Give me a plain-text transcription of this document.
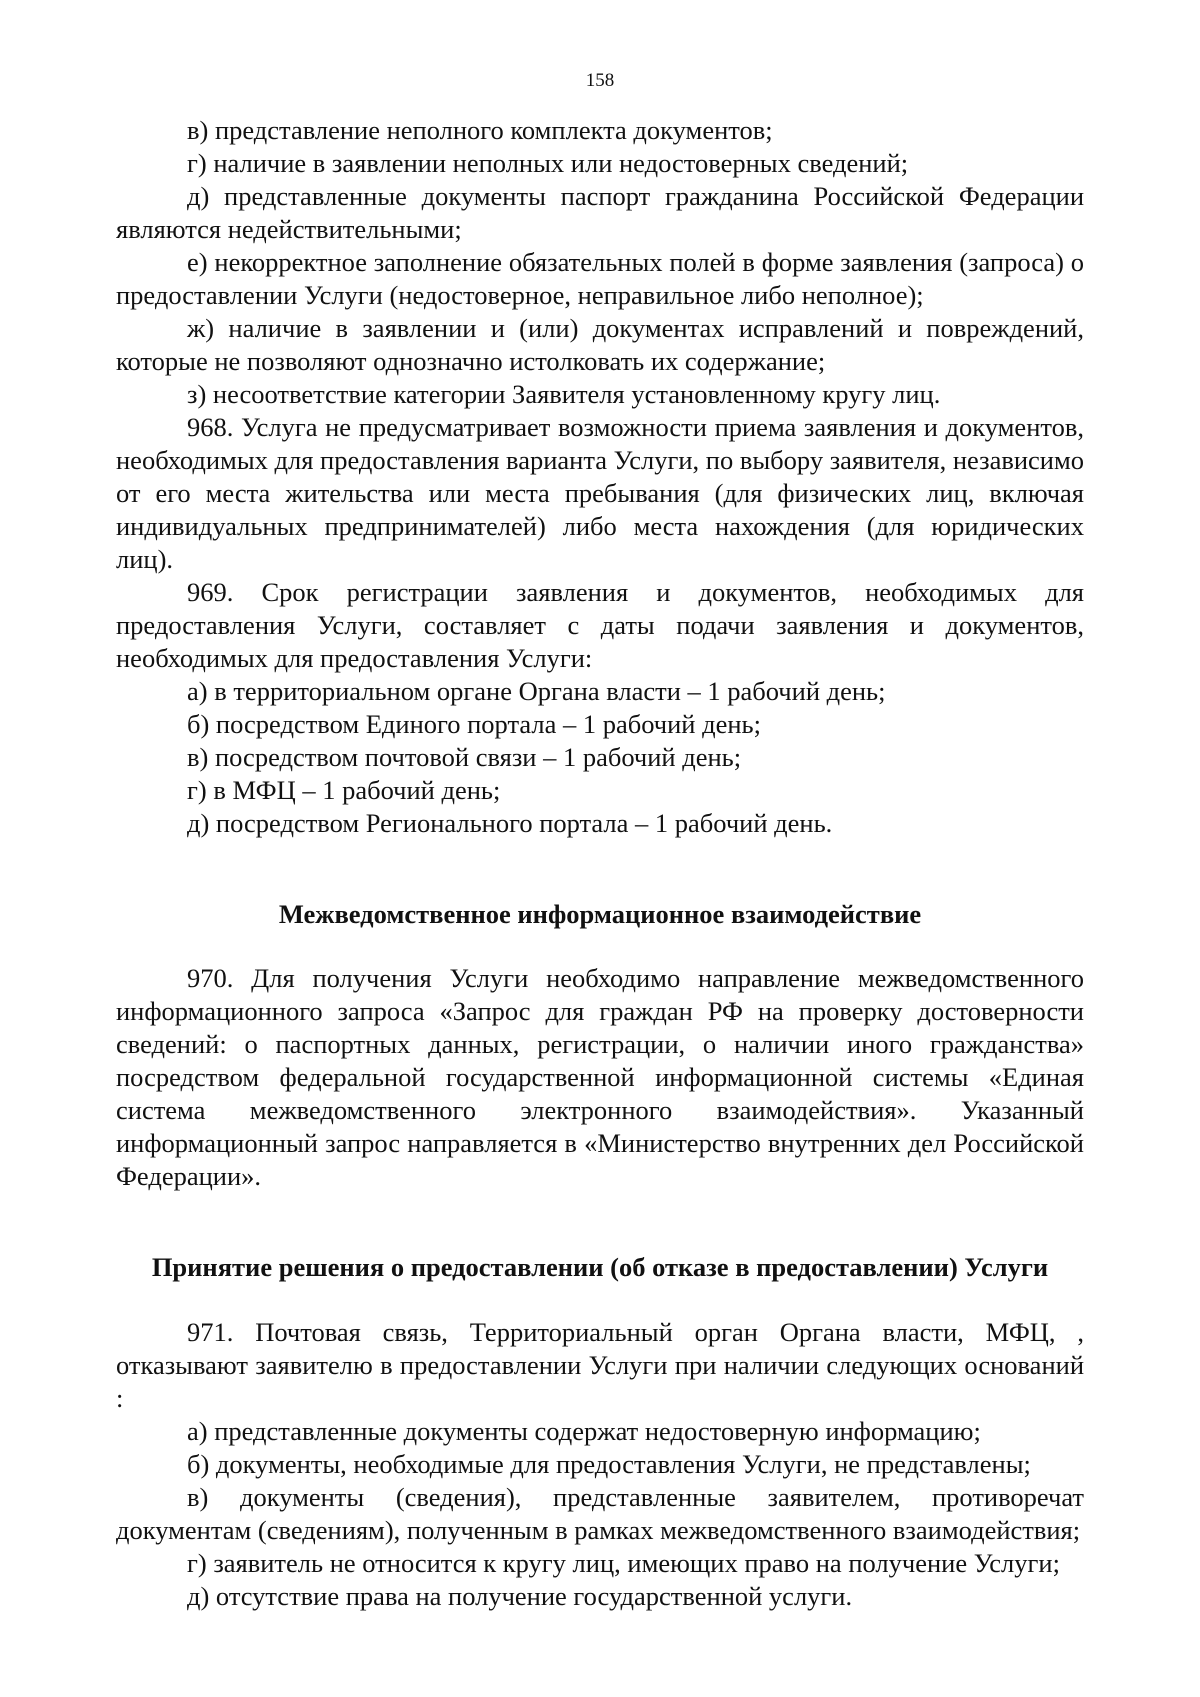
158

в) представление неполного комплекта документов;

г) наличие в заявлении неполных или недостоверных сведений;

д) представленные документы паспорт гражданина Российской Федерации являются недействительными;

е) некорректное заполнение обязательных полей в форме заявления (запроса) о предоставлении Услуги (недостоверное, неправильное либо неполное);

ж) наличие в заявлении и (или) документах исправлений и повреждений, которые не позволяют однозначно истолковать их содержание;

з) несоответствие категории Заявителя установленному кругу лиц.

968. Услуга не предусматривает возможности приема заявления и документов, необходимых для предоставления варианта Услуги, по выбору заявителя, независимо от его места жительства или места пребывания (для физических лиц, включая индивидуальных предпринимателей) либо места нахождения (для юридических лиц).

969. Срок регистрации заявления и документов, необходимых для предоставления Услуги, составляет с даты подачи заявления и документов, необходимых для предоставления Услуги:

а) в территориальном органе Органа власти – 1 рабочий день;

б) посредством Единого портала – 1 рабочий день;

в) посредством почтовой связи – 1 рабочий день;

г) в МФЦ – 1 рабочий день;

д) посредством Регионального портала – 1 рабочий день.

Межведомственное информационное взаимодействие

970. Для получения Услуги необходимо направление межведомственного информационного запроса «Запрос для граждан РФ на проверку достоверности сведений: о паспортных данных, регистрации, о наличии иного гражданства» посредством федеральной государственной информационной системы «Единая система межведомственного электронного взаимодействия». Указанный информационный запрос направляется в «Министерство внутренних дел Российской Федерации».

Принятие решения о предоставлении (об отказе в предоставлении) Услуги

971. Почтовая связь, Территориальный орган Органа власти, МФЦ, , отказывают заявителю в предоставлении Услуги при наличии следующих оснований :

а) представленные документы содержат недостоверную информацию;

б) документы, необходимые для предоставления Услуги, не представлены;

в) документы (сведения), представленные заявителем, противоречат документам (сведениям), полученным в рамках межведомственного взаимодействия;

г) заявитель не относится к кругу лиц, имеющих право на получение Услуги;

д) отсутствие права на получение государственной услуги.
